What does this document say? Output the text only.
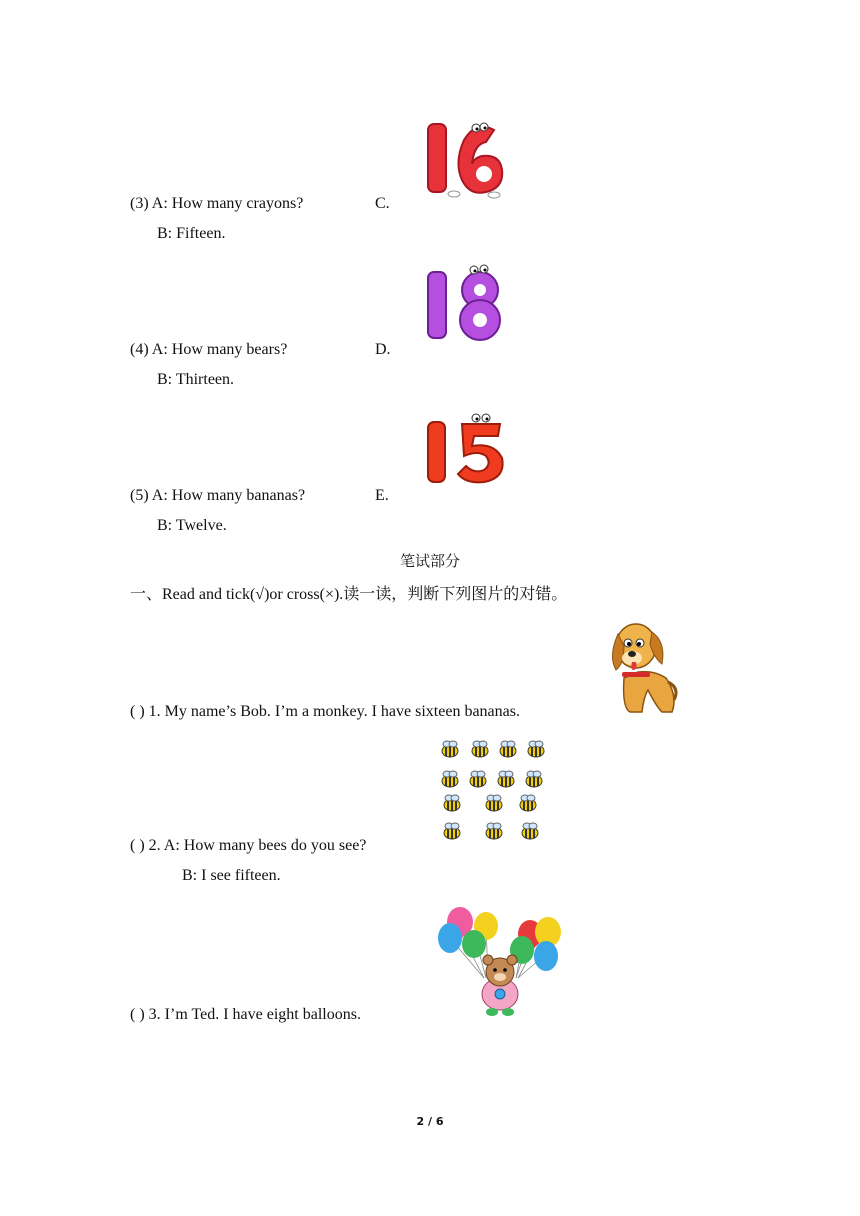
(3) A: How many crayons?	C.
B: Fifteen.
(4) A: How many bears?	D.
B: Thirteen.
(5) A: How many bananas?	E.
B: Twelve.
笔试部分
一、Read and tick(√)or cross(×).读一读，判断下列图片的对错。
( ) 1. My name’s Bob. I’m a monkey. I have sixteen bananas.
( ) 2. A: How many bees do you see?
B: I see fifteen.
( ) 3. I’m Ted. I have eight balloons.
2 / 6
